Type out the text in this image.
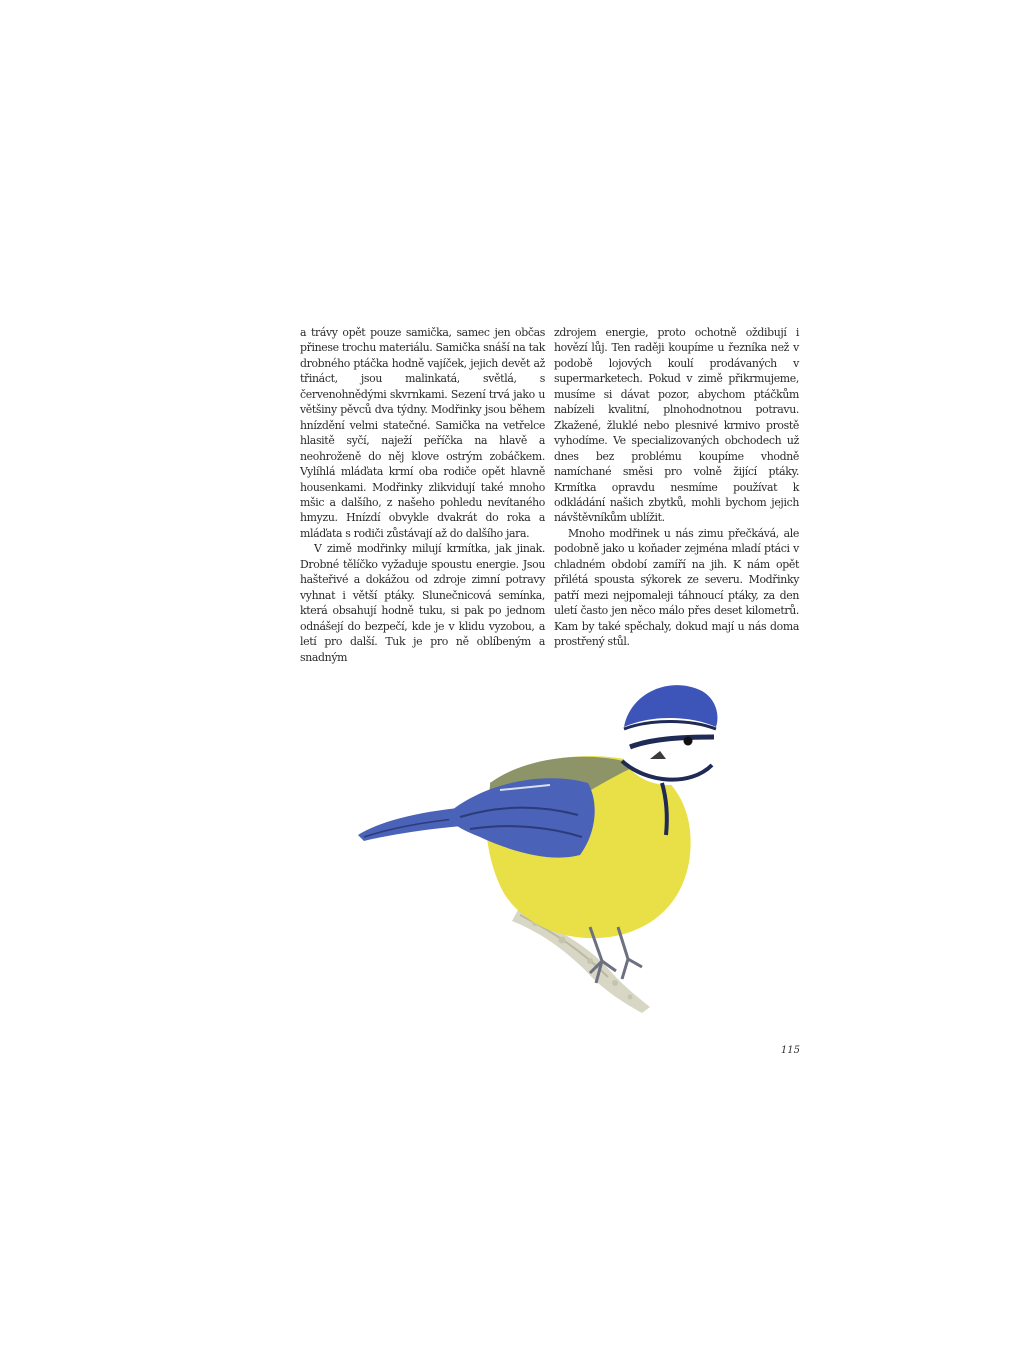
a trávy opět pouze samička, samec jen občas přinese trochu materiálu. Samička snáší na tak drobného ptáčka hodně vajíček, jejich devět až třináct, jsou malinkatá, světlá, s červenohnědými skvrnkami. Sezení trvá jako u většiny pěvců dva týdny. Modřinky jsou během hnízdění velmi statečné. Samička na vetřelce hlasitě syčí, naježí peříčka na hlavě a neohroženě do něj klove ostrým zobáčkem. Vylíhlá mláďata krmí oba rodiče opět hlavně housenkami. Modřinky zlikvidují také mnoho mšic a dalšího, z našeho pohledu nevítaného hmyzu. Hnízdí obvykle dvakrát do roka a mláďata s rodiči zůstávají až do dalšího jara.

V zimě modřinky milují krmítka, jak jinak. Drobné tělíčko vyžaduje spoustu energie. Jsou hašteřivé a dokážou od zdroje zimní potravy vyhnat i větší ptáky. Slunečnicová semínka, která obsahují hodně tuku, si pak po jednom odnášejí do bezpečí, kde je v klidu vyzobou, a letí pro další. Tuk je pro ně oblíbeným a snadným

zdrojem energie, proto ochotně oždibují i hovězí lůj. Ten raději koupíme u řezníka než v podobě lojových koulí prodávaných v supermarketech. Pokud v zimě přikrmujeme, musíme si dávat pozor, abychom ptáčkům nabízeli kvalitní, plnohodnotnou potravu. Zkažené, žluklé nebo plesnivé krmivo prostě vyhodíme. Ve specializovaných obchodech už dnes bez problému koupíme vhodně namíchané směsi pro volně žijící ptáky. Krmítka opravdu nesmíme používat k odkládání našich zbytků, mohli bychom jejich návštěvníkům ublížit.

Mnoho modřinek u nás zimu přečkává, ale podobně jako u koňader zejména mladí ptáci v chladném období zamíří na jih. K nám opět přilétá spousta sýkorek ze severu. Modřinky patří mezi nejpomaleji táhnoucí ptáky, za den uletí často jen něco málo přes deset kilometrů. Kam by také spěchaly, dokud mají u nás doma prostřený stůl.

115
